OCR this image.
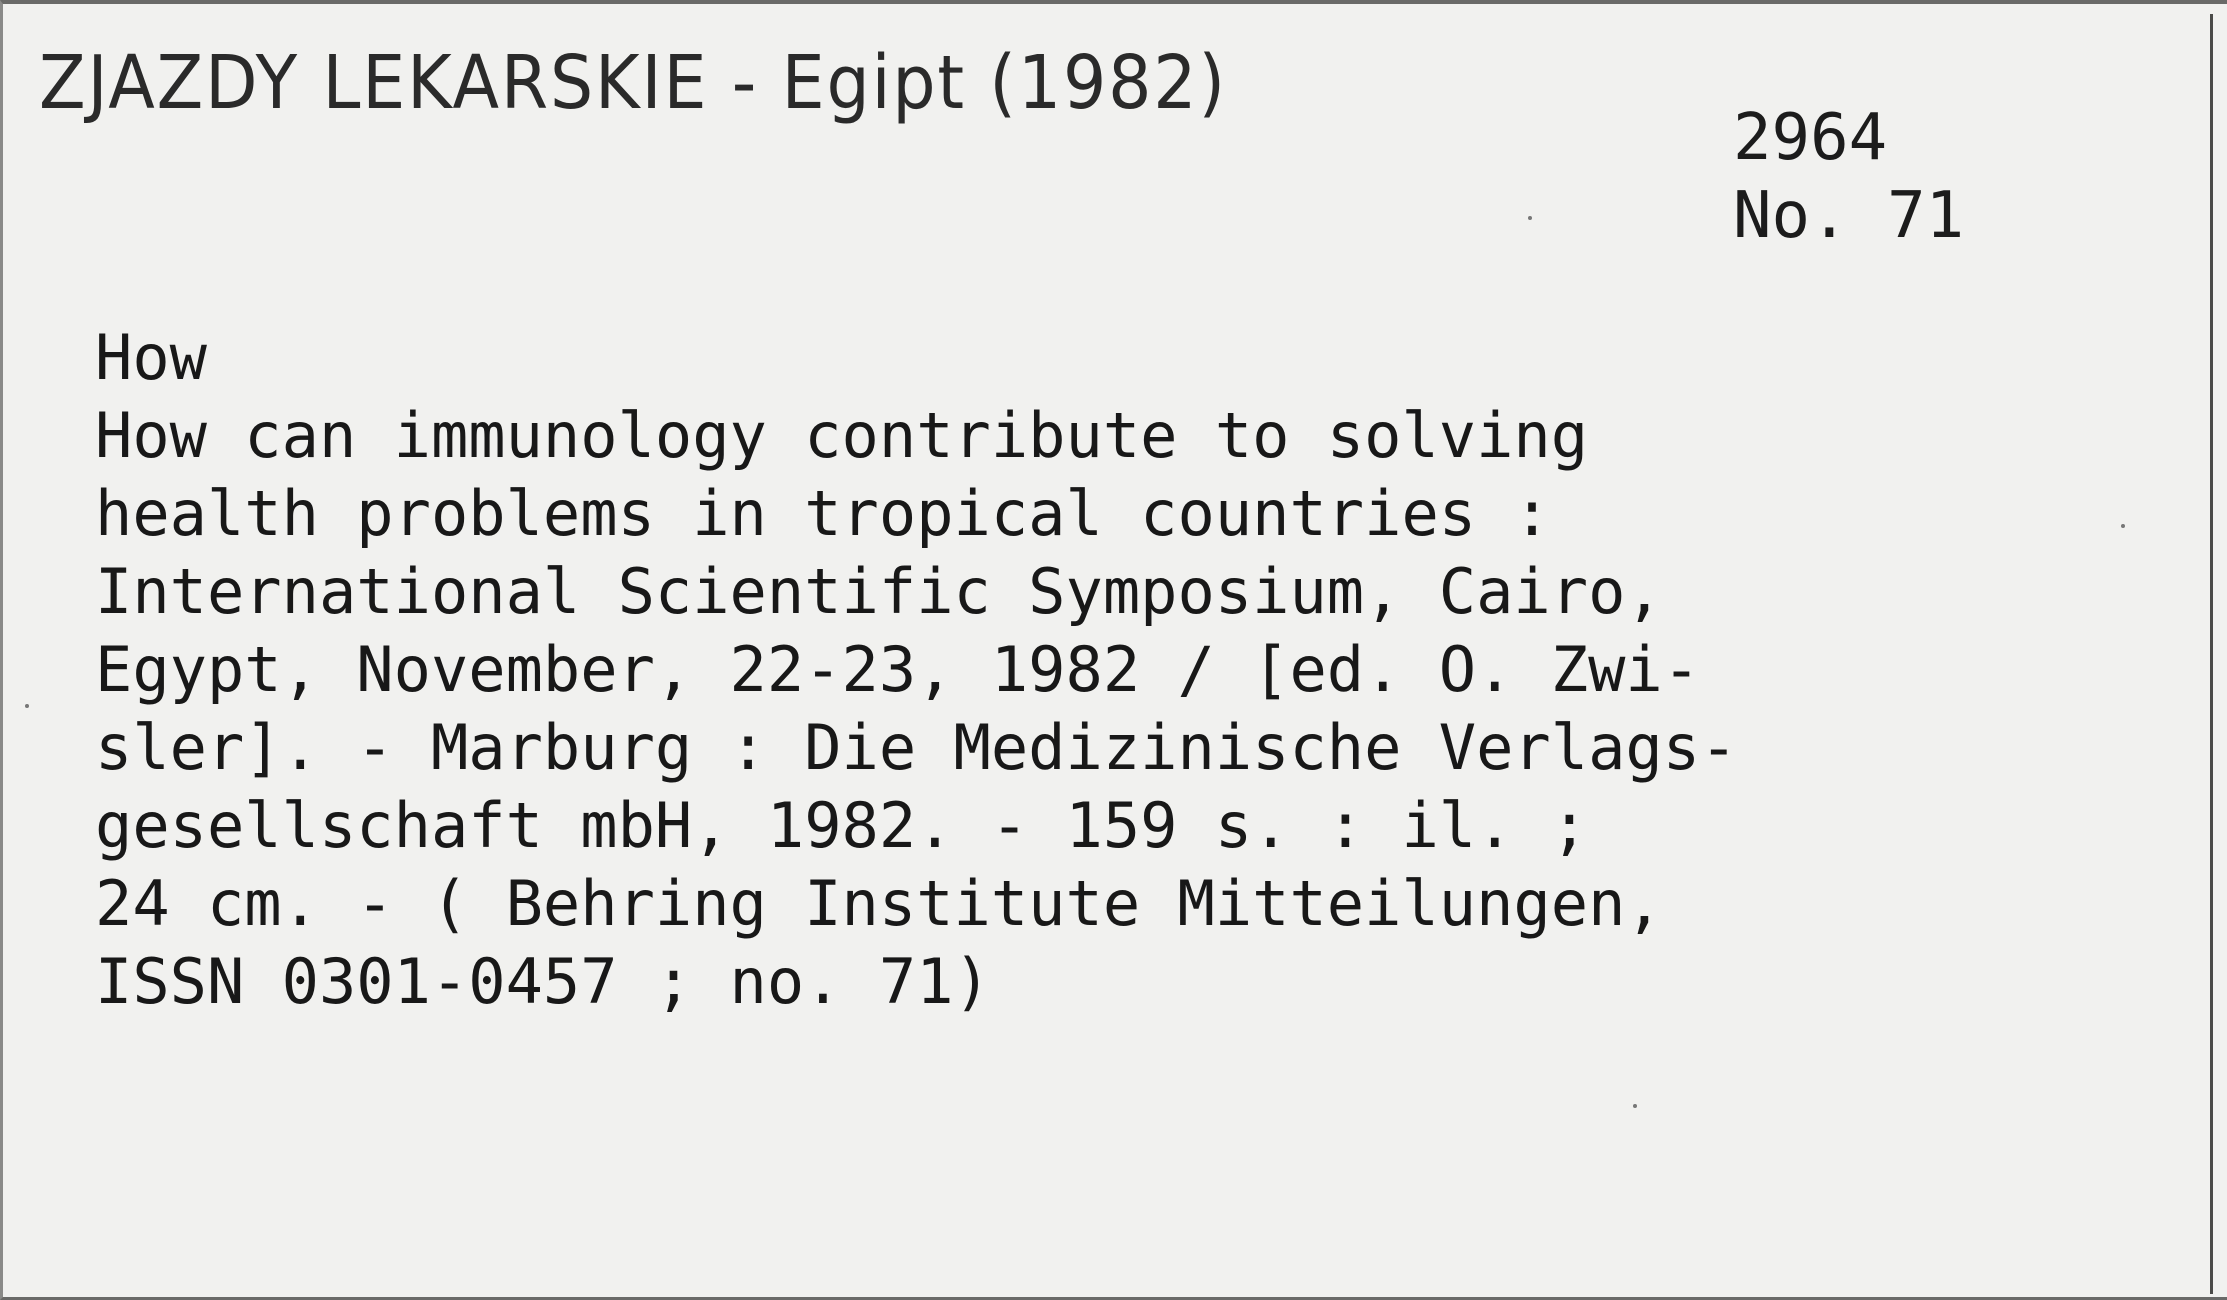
ZJAZDY LEKARSKIE - Egipt (1982)
2964
No. 71
How
How can immunology contribute to solving
health problems in tropical countries :
International Scientific Symposium, Cairo,
Egypt, November, 22-23, 1982 / [ed. O. Zwi-
sler]. - Marburg : Die Medizinische Verlags-
gesellschaft mbH, 1982. - 159 s. : il. ;
24 cm. - ( Behring Institute Mitteilungen,
ISSN 0301-0457 ; no. 71)
